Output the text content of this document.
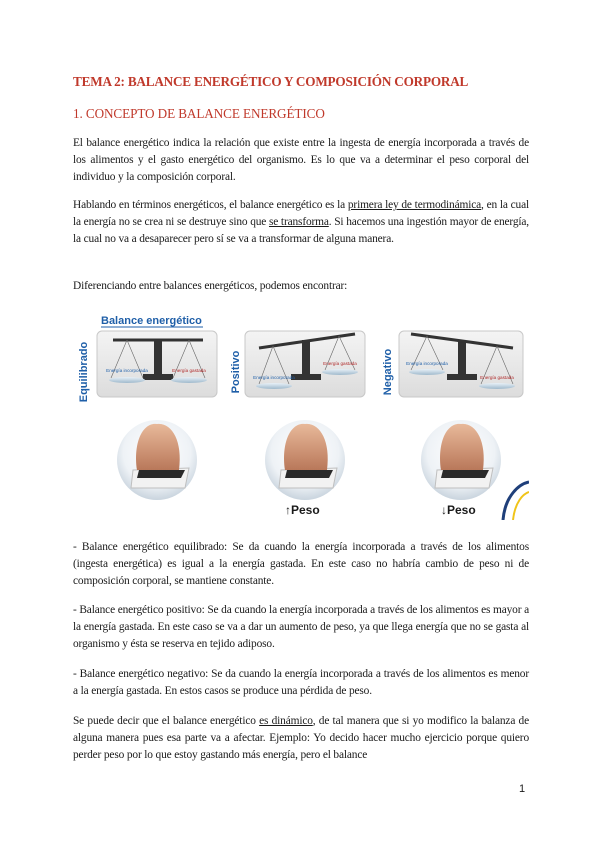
TEMA 2: BALANCE ENERGÉTICO Y COMPOSICIÓN CORPORAL
1. CONCEPTO DE BALANCE ENERGÉTICO
El balance energético indica la relación que existe entre la ingesta de energía incorporada a través de los alimentos y el gasto energético del organismo. Es lo que va a determinar el peso corporal del individuo y la composición corporal.
Hablando en términos energéticos, el balance energético es la primera ley de termodinámica, en la cual la energía no se crea ni se destruye sino que se transforma. Si hacemos una ingestión mayor de energía, la cual no va a desaparecer pero sí se va a transformar de alguna manera.
Diferenciando entre balances energéticos, podemos encontrar:
Balance energético
Equilibrado	Positivo	Negativo
Energía incorporada	Energía gastada
Energía incorporada
Energía gastada	Energía incorporada
Energía gastada
↑Peso	↓Peso
- Balance energético equilibrado: Se da cuando la energía incorporada a través de los alimentos (ingesta energética) es igual a la energía gastada. En este caso no habría cambio de peso ni de composición corporal, se mantiene constante.
- Balance energético positivo: Se da cuando la energía incorporada a través de los alimentos es mayor a la energía gastada. En este caso se va a dar un aumento de peso, ya que llega energía que no se gasta al organismo y ésta se reserva en tejido adiposo.
- Balance energético negativo: Se da cuando la energía incorporada a través de los alimentos es menor a la energía gastada. En estos casos se produce una pérdida de peso.
Se puede decir que el balance energético es dinámico, de tal manera que si yo modifico la balanza de alguna manera pues esa parte va a afectar. Ejemplo: Yo decido hacer mucho ejercicio porque quiero perder peso por lo que estoy gastando más energía, pero el balance
1
